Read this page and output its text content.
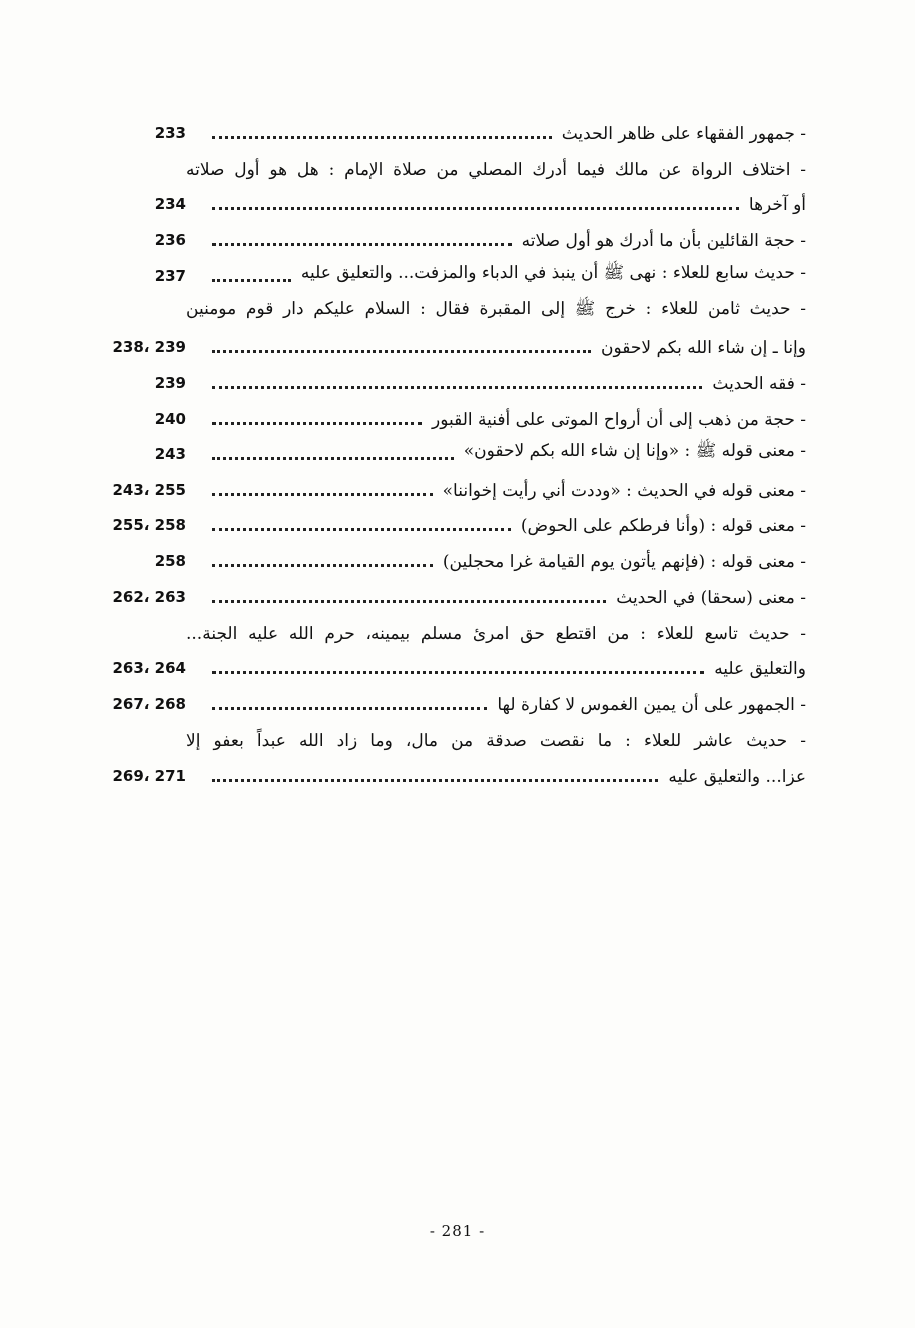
233	- جمهور الفقهاء على ظاهر الحديث
- اختلاف الرواة عن مالك فيما أدرك المصلي من صلاة الإمام : هل هو أول صلاته
234	أو آخرها
236	- حجة القائلين بأن ما أدرك هو أول صلاته
237	- حديث سابع للعلاء : نهى ﷺ أن ينبذ في الدباء والمزفت... والتعليق عليه
- حديث ثامن للعلاء : خرج ﷺ إلى المقبرة فقال : السلام عليكم دار قوم مومنين
238، 239	وإنا ـ إن شاء الله بكم لاحقون
239	- فقه الحديث
240	- حجة من ذهب إلى أن أرواح الموتى على أفنية القبور
243	- معنى قوله ﷺ : «وإنا إن شاء الله بكم لاحقون»
243، 255	- معنى قوله في الحديث : «وددت أني رأيت إخواننا»
255، 258	- معنى قوله : (وأنا فرطكم على الحوض)
258	- معنى قوله : (فإنهم يأتون يوم القيامة غرا محجلين)
262، 263	- معنى (سحقا) في الحديث
- حديث تاسع للعلاء : من اقتطع حق امرئ مسلم بيمينه، حرم الله عليه الجنة...
263، 264	والتعليق عليه
267، 268	- الجمهور على أن يمين الغموس لا كفارة لها
- حديث عاشر للعلاء : ما نقصت صدقة من مال، وما زاد الله عبداً بعفو إلا
269، 271	عزا... والتعليق عليه
- 281 -
